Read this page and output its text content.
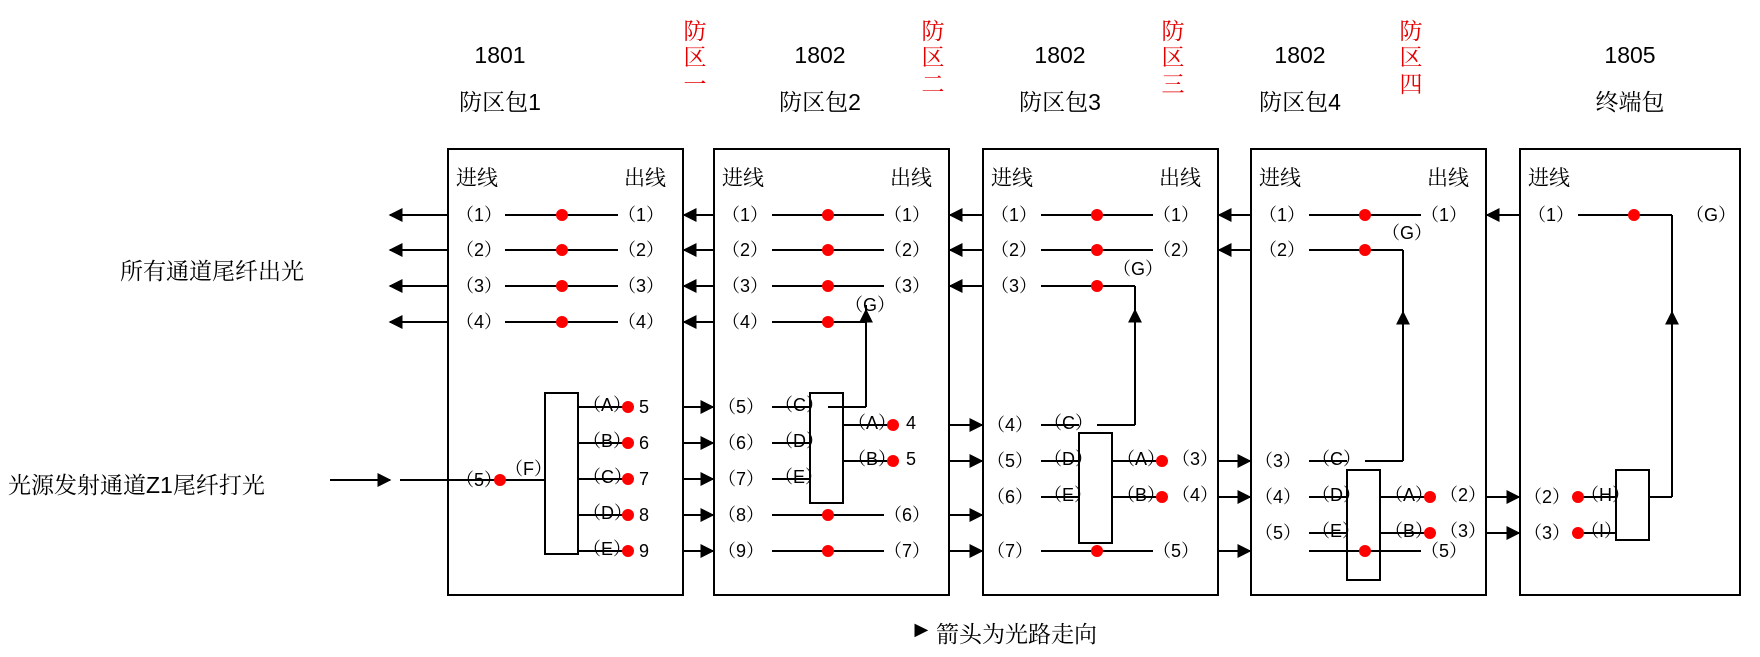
1801
防区包1
1802
防区包2
1802
防区包3
1802
防区包4
1805
终端包
防
区
一
防
区
二
防
区
三
防
区
四
所有通道尾纤出光
光源发射通道Z1尾纤打光
进线	出线	进线	出线	进线	出线	进线	出线	进线
（1）
（2）
（3）
（4）
（5）
（1）
（2）
（3）
（4）
5
6
7
8
9
（F）
（A）
（B）
（C）
（D）
（E）
（1）
（2）
（3）
（4）
（5）
（6）
（7）
（8）
（9）
（1）
（2）
（3）
（G）
（A）
（B）
（6）
（7）
（C）
（D）
（E）
4
5
（1）
（2）
（3）
（4）
（5）
（6）
（7）
（1）
（2）
（G）
（A）
（B） （4）
（5）
（3）
（C）
（D）
（E）
（1）
（2）
（3）
（4）
（5）
（1）
（G）
（A）
（B）
（2）
（3）
（5）
（C）
（D）
（E）
（1）
（2）
（3）
（G）
（H）
（I）
► 箭头为光路走向
